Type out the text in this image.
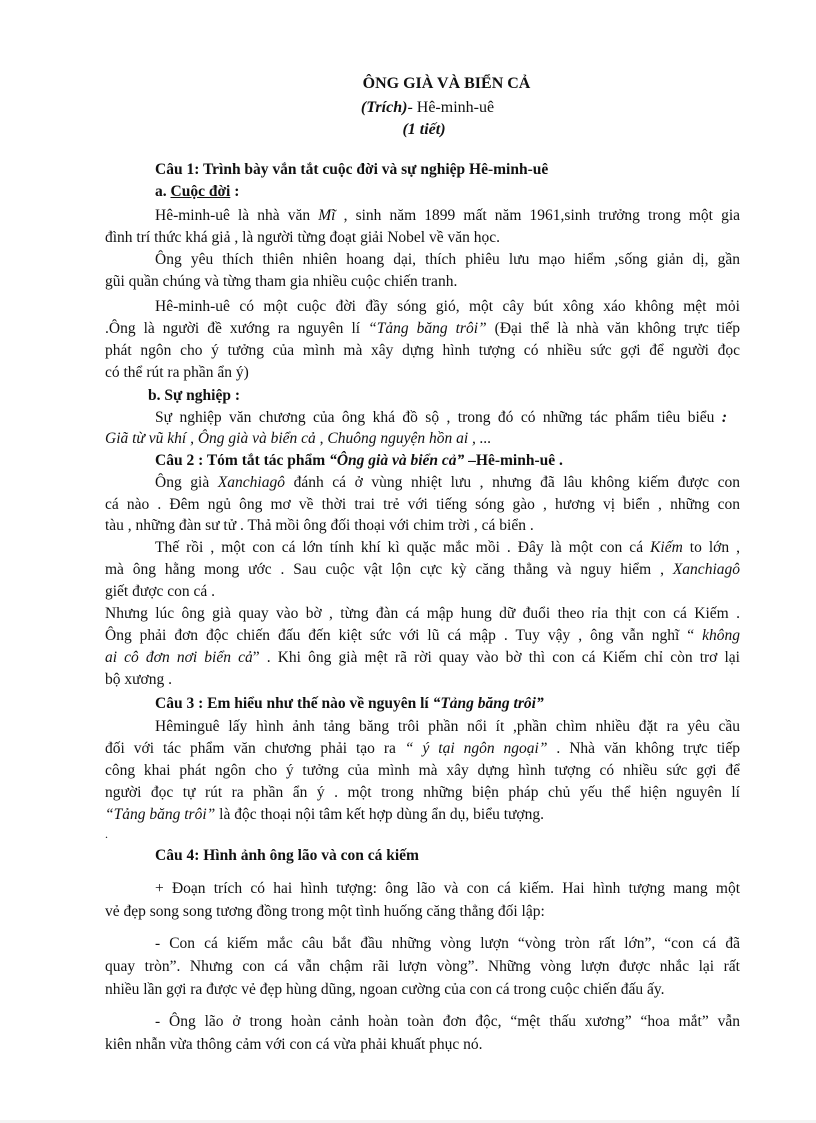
ÔNG GIÀ VÀ BIỂN CẢ
(Trích)- Hê-minh-uê
(1 tiết)
Câu 1: Trình bày vắn tắt cuộc đời và sự nghiệp Hê-minh-uê
a. Cuộc đời :
Hê-minh-uê là nhà văn Mĩ , sinh năm 1899 mất năm 1961,sinh trưởng trong một gia
đình trí thức khá giả , là người từng đoạt giải Nobel về văn học.
Ông yêu thích thiên nhiên hoang dại, thích phiêu lưu mạo hiểm ,sống giản dị, gần
gũi quần chúng và từng tham gia nhiều cuộc chiến tranh.
Hê-minh-uê có một cuộc đời đầy sóng gió, một cây bút xông xáo không mệt mỏi
.Ông là người đề xướng ra nguyên lí “Tảng băng trôi” (Đại thể là nhà văn không trực tiếp
phát ngôn cho ý tưởng của mình mà xây dựng hình tượng có nhiều sức gợi để người đọc
có thể rút ra phần ẩn ý)
b. Sự nghiệp :
Sự nghiệp văn chương của ông khá đồ sộ , trong đó có những tác phẩm tiêu biểu :
Giã từ vũ khí , Ông già và biển cả , Chuông nguyện hồn ai , ...
Câu 2 : Tóm tắt tác phẩm “Ông già và biển cả” –Hê-minh-uê .
Ông già Xanchiagô đánh cá ở vùng nhiệt lưu , nhưng đã lâu không kiếm được con
cá nào . Đêm ngủ ông mơ về thời trai trẻ với tiếng sóng gào , hương vị biển , những con
tàu , những đàn sư tử . Thả mồi ông đối thoại với chim trời , cá biển .
Thế rồi , một con cá lớn tính khí kì quặc mắc mồi . Đây là một con cá Kiếm to lớn ,
mà ông hằng mong ước . Sau cuộc vật lộn cực kỳ căng thẳng và nguy hiểm , Xanchiagô
giết được con cá .
Nhưng lúc ông già quay vào bờ , từng đàn cá mập hung dữ đuổi theo rỉa thịt con cá Kiếm .
Ông phải đơn độc chiến đấu đến kiệt sức với lũ cá mập . Tuy vậy , ông vẫn nghĩ “ không
ai cô đơn nơi biển cả” . Khi ông già mệt rã rời quay vào bờ thì con cá Kiếm chỉ còn trơ lại
bộ xương .
Câu 3 : Em hiểu như thế nào về nguyên lí “Tảng băng trôi”
Hêminguê lấy hình ảnh tảng băng trôi phần nổi ít ,phần chìm nhiều đặt ra yêu cầu
đối với tác phẩm văn chương phải tạo ra “ ý tại ngôn ngoại” . Nhà văn không trực tiếp
công khai phát ngôn cho ý tưởng của mình mà xây dựng hình tượng có nhiều sức gợi để
người đọc tự rút ra phần ẩn ý . một trong những biện pháp chủ yếu thể hiện nguyên lí
“Tảng băng trôi” là độc thoại nội tâm kết hợp dùng ẩn dụ, biểu tượng.
.
Câu 4: Hình ảnh ông lão và con cá kiếm
+ Đoạn trích có hai hình tượng: ông lão và con cá kiếm. Hai hình tượng mang một
vẻ đẹp song song tương đồng trong một tình huống căng thẳng đối lập:
- Con cá kiếm mắc câu bắt đầu những vòng lượn “vòng tròn rất lớn”, “con cá đã
quay tròn”. Nhưng con cá vẫn chậm rãi lượn vòng”. Những vòng lượn được nhắc lại rất
nhiều lần gợi ra được vẻ đẹp hùng dũng, ngoan cường của con cá trong cuộc chiến đấu ấy.
- Ông lão ở trong hoàn cảnh hoàn toàn đơn độc, “mệt thấu xương” “hoa mắt” vẫn
kiên nhẫn vừa thông cảm với con cá vừa phải khuất phục nó.
